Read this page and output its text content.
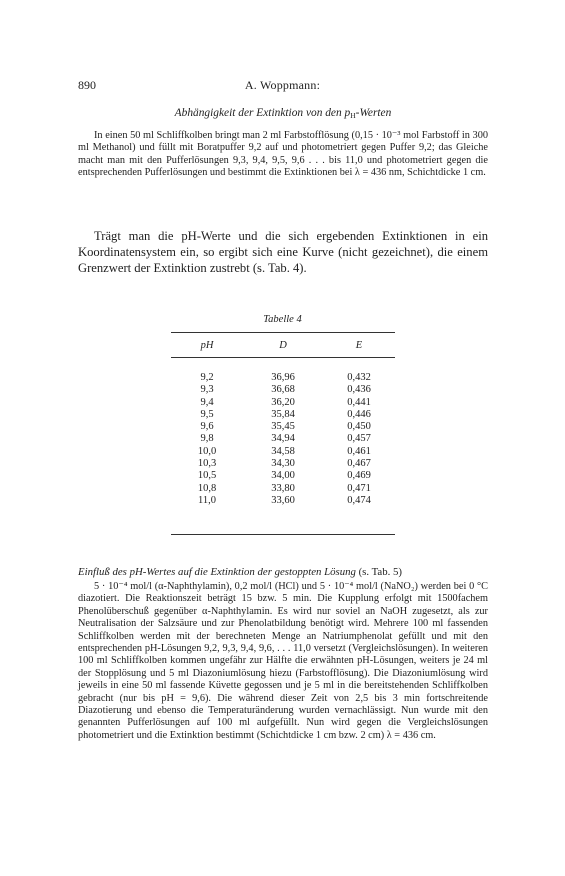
890	A. Woppmann:
Abhängigkeit der Extinktion von den $p_H$-Werten
In einen 50 ml Schliffkolben bringt man 2 ml Farbstofflösung (0,15 · 10⁻³ mol Farbstoff in 300 ml Methanol) und füllt mit Boratpuffer 9,2 auf und photometriert gegen Puffer 9,2; das Gleiche macht man mit den Pufferlösungen 9,3, 9,4, 9,5, 9,6 . . . bis 11,0 und photometriert gegen die entsprechenden Pufferlösungen und bestimmt die Extinktionen bei λ = 436 nm, Schichtdicke 1 cm.
Trägt man die pH-Werte und die sich ergebenden Extinktionen in ein Koordinatensystem ein, so ergibt sich eine Kurve (nicht gezeichnet), die einem Grenzwert der Extinktion zustrebt (s. Tab. 4).
Tabelle 4
pH	D	E

9,2	36,96	0,432
9,3	36,68	0,436
9,4	36,20	0,441
9,5	35,84	0,446
9,6	35,45	0,450
9,8	34,94	0,457
10,0	34,58	0,461
10,3	34,30	0,467
10,5	34,00	0,469
10,8	33,80	0,471
11,0	33,60	0,474
Einfluß des pH-Wertes auf die Extinktion der gestoppten Lösung (s. Tab. 5)
5 · 10⁻⁴ mol/l (α-Naphthylamin), 0,2 mol/l (HCl) und 5 · 10⁻⁴ mol/l (NaNO₂) werden bei 0 °C diazotiert. Die Reaktionszeit beträgt 15 bzw. 5 min. Die Kupplung erfolgt mit 1500fachem Phenolüberschuß gegenüber α-Naphthylamin. Es wird nur soviel an NaOH zugesetzt, als zur Neutralisation der Salzsäure und zur Phenolatbildung benötigt wird. Mehrere 100 ml fassenden Schliffkolben werden mit der berechneten Menge an Natriumphenolat gefüllt und mit den entsprechenden pH-Lösungen 9,2, 9,3, 9,4, 9,6, . . . 11,0 versetzt (Vergleichslösungen). In weiteren 100 ml Schliffkolben kommen ungefähr zur Hälfte die erwähnten pH-Lösungen, weiters je 24 ml der Stopplösung und 5 ml Diazoniumlösung hiezu (Farbstofflösung). Die Diazoniumlösung wird jeweils in eine 50 ml fassende Küvette gegossen und je 5 ml in die bereitstehenden Schliffkolben gebracht (nur bis pH = 9,6). Die während dieser Zeit von 2,5 bis 3 min fortschreitende Diazotierung und ebenso die Temperaturänderung wurden vernachlässigt. Nun wurde mit den genannten Pufferlösungen auf 100 ml aufgefüllt. Nun wird gegen die Vergleichslösungen photometriert und die Extinktion bestimmt (Schichtdicke 1 cm bzw. 2 cm) λ = 436 cm.
